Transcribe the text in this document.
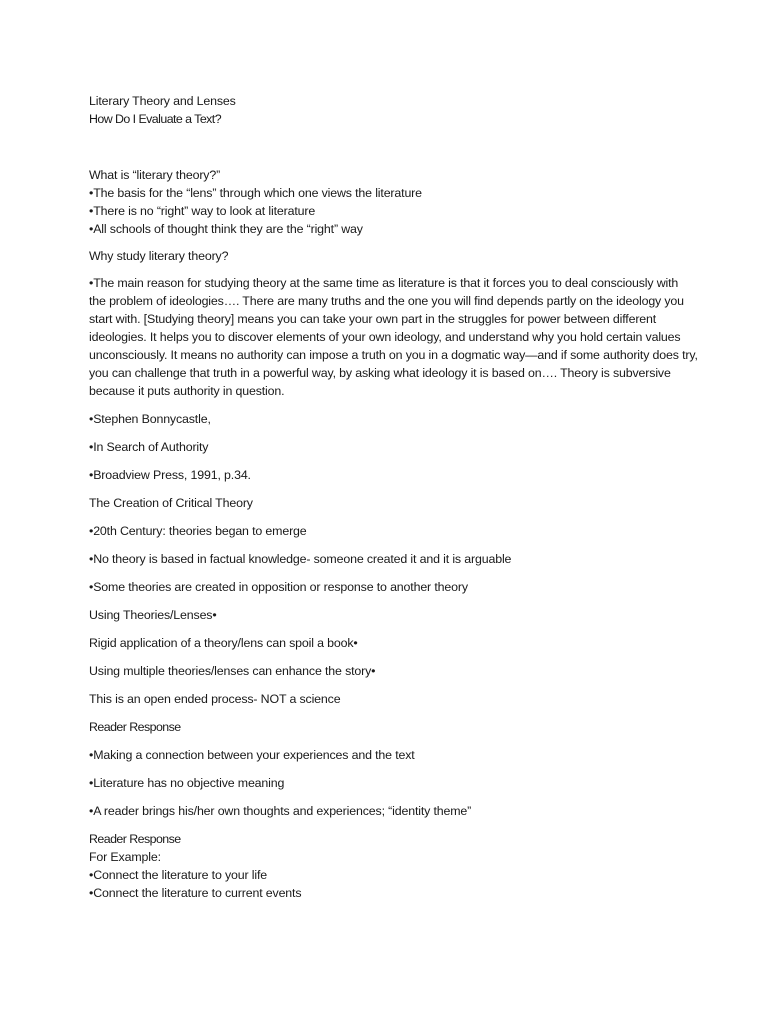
Literary Theory and Lenses
How Do I Evaluate a Text?
What is “literary theory?”
•The basis for the “lens” through which one views the literature
•There is no “right” way to look at literature
•All schools of thought think they are the “right” way
Why study literary theory?
•The main reason for studying theory at the same time as literature is that it forces you to deal consciously with
the problem of ideologies…. There are many truths and the one you will find depends partly on the ideology you
start with. [Studying theory] means you can take your own part in the struggles for power between different
ideologies. It helps you to discover elements of your own ideology, and understand why you hold certain values
unconsciously. It means no authority can impose a truth on you in a dogmatic way—and if some authority does try,
you can challenge that truth in a powerful way, by asking what ideology it is based on…. Theory is subversive
because it puts authority in question.
•Stephen Bonnycastle,
•In Search of Authority
•Broadview Press, 1991, p.34.
The Creation of Critical Theory
•20th Century: theories began to emerge
•No theory is based in factual knowledge- someone created it and it is arguable
•Some theories are created in opposition or response to another theory
Using Theories/Lenses•
Rigid application of a theory/lens can spoil a book•
Using multiple theories/lenses can enhance the story•
This is an open ended process- NOT a science
Reader Response
•Making a connection between your experiences and the text
•Literature has no objective meaning
•A reader brings his/her own thoughts and experiences; “identity theme”
Reader Response
For Example:
•Connect the literature to your life
•Connect the literature to current events
